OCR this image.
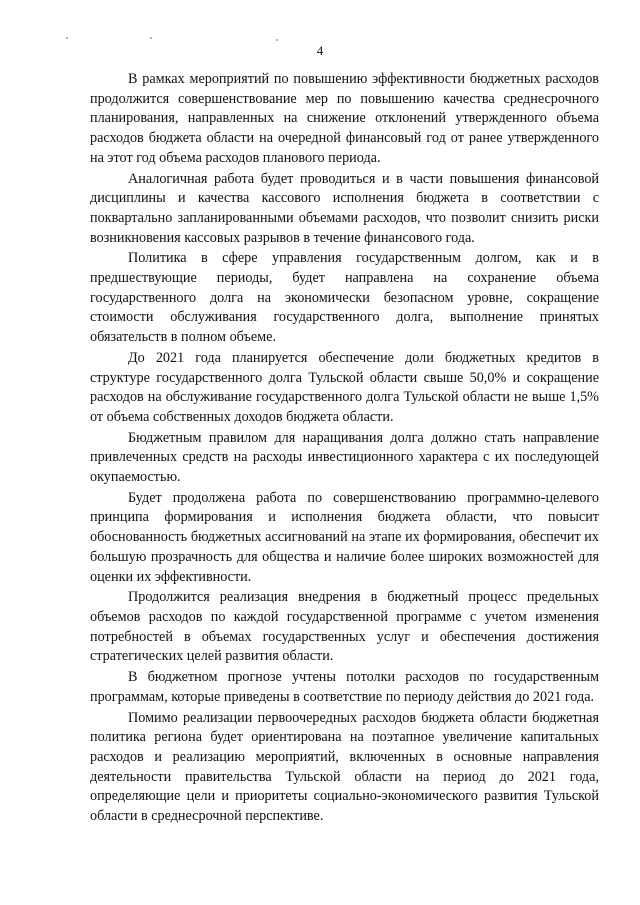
4

В рамках мероприятий по повышению эффективности бюджетных расходов продолжится совершенствование мер по повышению качества среднесрочного планирования, направленных на снижение отклонений утвержденного объема расходов бюджета области на очередной финансовый год от ранее утвержденного на этот год объема расходов планового периода.

Аналогичная работа будет проводиться и в части повышения финансовой дисциплины и качества кассового исполнения бюджета в соответствии с поквартально запланированными объемами расходов, что позволит снизить риски возникновения кассовых разрывов в течение финансового года.

Политика в сфере управления государственным долгом, как и в предшествующие периоды, будет направлена на сохранение объема государственного долга на экономически безопасном уровне, сокращение стоимости обслуживания государственного долга, выполнение принятых обязательств в полном объеме.

До 2021 года планируется обеспечение доли бюджетных кредитов в структуре государственного долга Тульской области свыше 50,0% и сокращение расходов на обслуживание государственного долга Тульской области не выше 1,5% от объема собственных доходов бюджета области.

Бюджетным правилом для наращивания долга должно стать направление привлеченных средств на расходы инвестиционного характера с их последующей окупаемостью.

Будет продолжена работа по совершенствованию программно-целевого принципа формирования и исполнения бюджета области, что повысит обоснованность бюджетных ассигнований на этапе их формирования, обеспечит их большую прозрачность для общества и наличие более широких возможностей для оценки их эффективности.

Продолжится реализация внедрения в бюджетный процесс предельных объемов расходов по каждой государственной программе с учетом изменения потребностей в объемах государственных услуг и обеспечения достижения стратегических целей развития области.

В бюджетном прогнозе учтены потолки расходов по государственным программам, которые приведены в соответствие по периоду действия до 2021 года.

Помимо реализации первоочередных расходов бюджета области бюджетная политика региона будет ориентирована на поэтапное увеличение капитальных расходов и реализацию мероприятий, включенных в основные направления деятельности правительства Тульской области на период до 2021 года, определяющие цели и приоритеты социально-экономического развития Тульской области в среднесрочной перспективе.
